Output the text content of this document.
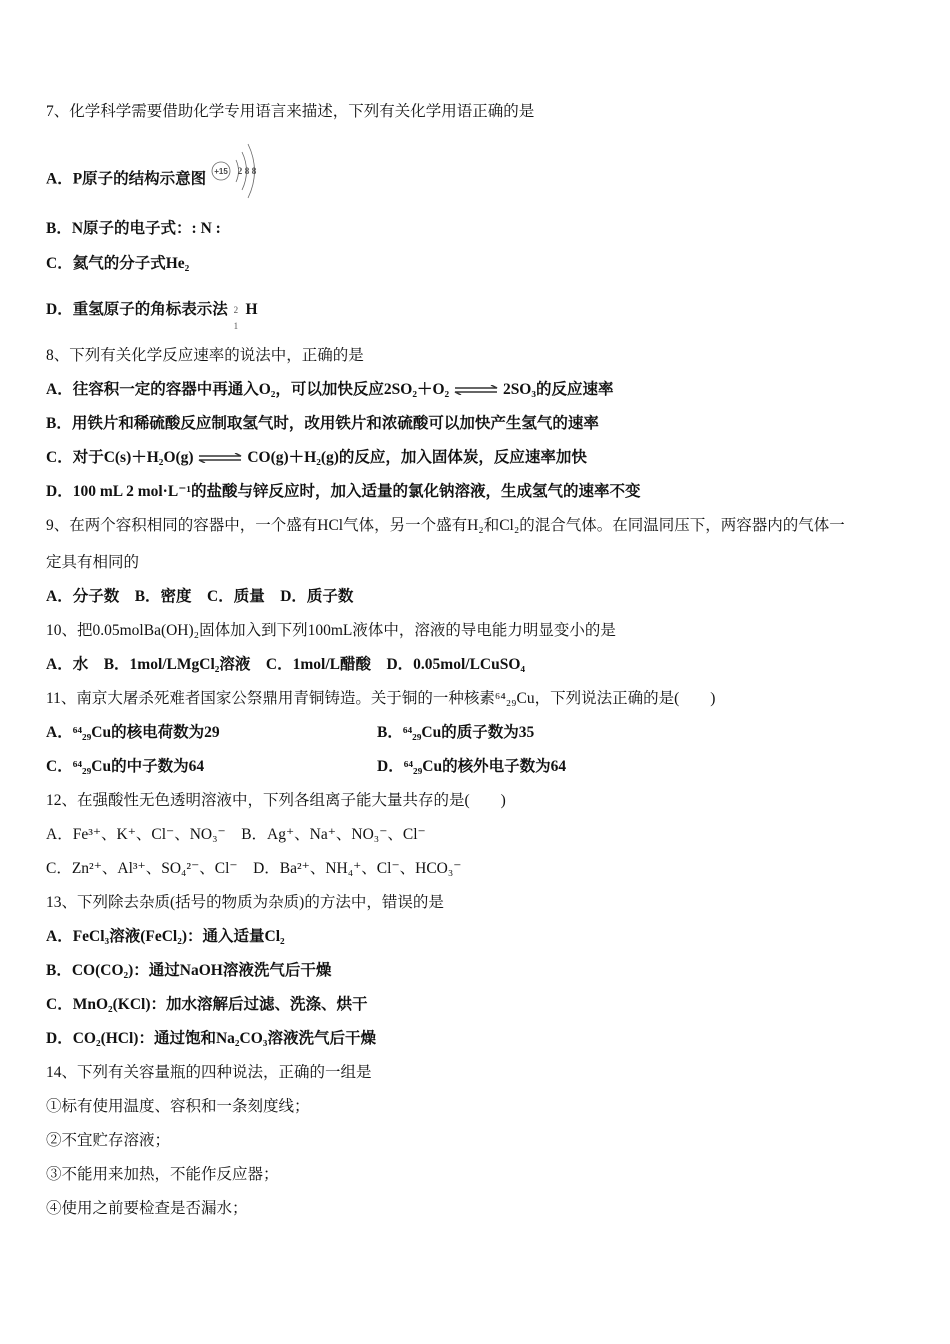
7、化学科学需要借助化学专用语言来描述，下列有关化学用语正确的是
A．P原子的结构示意图 +15 2 8 8
B．N原子的电子式：: N :
C．氦气的分子式He₂
D．重氢原子的角标表示法 2
1
H
8、下列有关化学反应速率的说法中，正确的是
A．往容积一定的容器中再通入O₂，可以加快反应2SO₂＋O₂ ⇌ 2SO₃的反应速率
B．用铁片和稀硫酸反应制取氢气时，改用铁片和浓硫酸可以加快产生氢气的速率
C．对于C(s)＋H₂O(g) ⇌ CO(g)＋H₂(g)的反应，加入固体炭，反应速率加快
D．100 mL 2 mol·L⁻¹的盐酸与锌反应时，加入适量的氯化钠溶液，生成氢气的速率不变
9、在两个容积相同的容器中，一个盛有HCl气体，另一个盛有H₂和Cl₂的混合气体。在同温同压下，两容器内的气体一
定具有相同的
A．分子数　B．密度　C．质量　D．质子数
10、把0.05molBa(OH)₂固体加入到下列100mL液体中，溶液的导电能力明显变小的是
A．水　B．1mol/LMgCl₂溶液　C．1mol/L醋酸　D．0.05mol/LCuSO₄
11、南京大屠杀死难者国家公祭鼎用青铜铸造。关于铜的一种核素⁶⁴₂₉Cu，下列说法正确的是(　　)
A．⁶⁴₂₉Cu的核电荷数为29	B．⁶⁴₂₉Cu的质子数为35
C．⁶⁴₂₉Cu的中子数为64	D．⁶⁴₂₉Cu的核外电子数为64
12、在强酸性无色透明溶液中，下列各组离子能大量共存的是(　　)
A．Fe³⁺、K⁺、Cl⁻、NO₃⁻　B．Ag⁺、Na⁺、NO₃⁻、Cl⁻
C．Zn²⁺、Al³⁺、SO₄²⁻、Cl⁻　D．Ba²⁺、NH₄⁺、Cl⁻、HCO₃⁻
13、下列除去杂质(括号的物质为杂质)的方法中，错误的是
A．FeCl₃溶液(FeCl₂)：通入适量Cl₂
B．CO(CO₂)：通过NaOH溶液洗气后干燥
C．MnO₂(KCl)：加水溶解后过滤、洗涤、烘干
D．CO₂(HCl)：通过饱和Na₂CO₃溶液洗气后干燥
14、下列有关容量瓶的四种说法，正确的一组是
①标有使用温度、容积和一条刻度线；
②不宜贮存溶液；
③不能用来加热，不能作反应器；
④使用之前要检查是否漏水；
